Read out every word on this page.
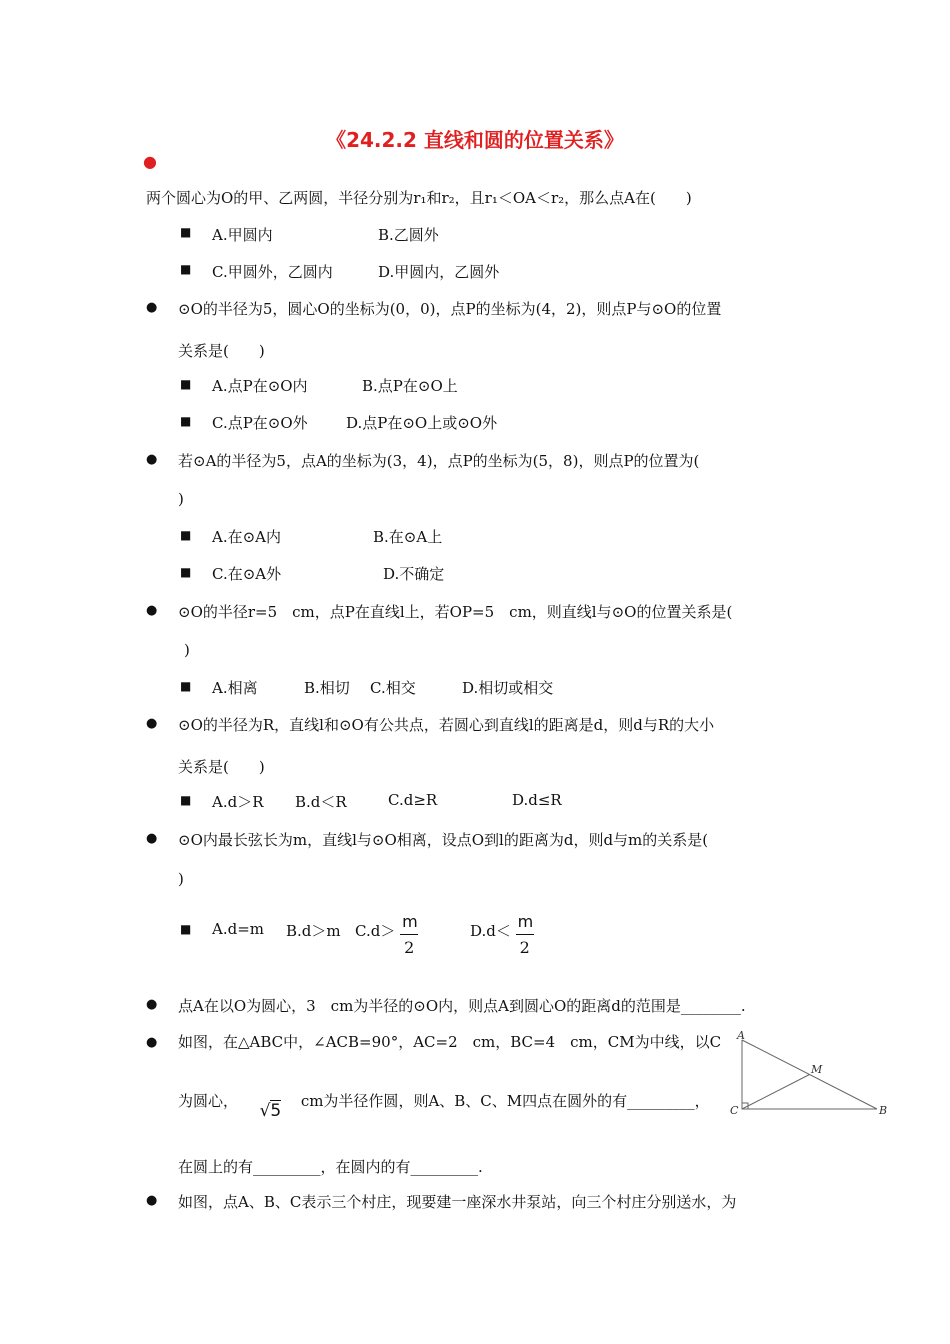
《24.2.2 直线和圆的位置关系》
●
两个圆心为O的甲、乙两圆，半径分别为r₁和r₂，且r₁＜OA＜r₂，那么点A在(　　)
■ A.甲圆内	B.乙圆外
■ C.甲圆外，乙圆内	D.甲圆内，乙圆外
● ⊙O的半径为5，圆心O的坐标为(0，0)，点P的坐标为(4，2)，则点P与⊙O的位置
关系是(　　)
■ A.点P在⊙O内	B.点P在⊙O上
■ C.点P在⊙O外	D.点P在⊙O上或⊙O外
● 若⊙A的半径为5，点A的坐标为(3，4)，点P的坐标为(5，8)，则点P的位置为(
)
■ A.在⊙A内	B.在⊙A上
■ C.在⊙A外	D.不确定
● ⊙O的半径r=5　cm，点P在直线l上，若OP=5　cm，则直线l与⊙O的位置关系是(
)
■ A.相离	B.相切 C.相交	D.相切或相交
● ⊙O的半径为R，直线l和⊙O有公共点，若圆心到直线l的距离是d，则d与R的大小
关系是(　　)
■ A.d＞R B.d＜R	C.d≥R	D.d≤R
● ⊙O内最长弦长为m，直线l与⊙O相离，设点O到l的距离为d，则d与m的关系是(
)
■ A.d=m B.d＞m C.d＞
$\frac{m}{2}$
D.d＜
$\frac{m}{2}$
● 点A在以O为圆心，3　cm为半径的⊙O内，则点A到圆心O的距离d的范围是________.
● 如图，在△ABC中，∠ACB=90°，AC=2　cm，BC=4　cm，CM为中线，以C
为圆心， √5 cm为半径作圆，则A、B、C、M四点在圆外的有_________，
在圆上的有_________，在圆内的有_________.
A
M
C	B
● 如图，点A、B、C表示三个村庄，现要建一座深水井泵站，向三个村庄分别送水，为
